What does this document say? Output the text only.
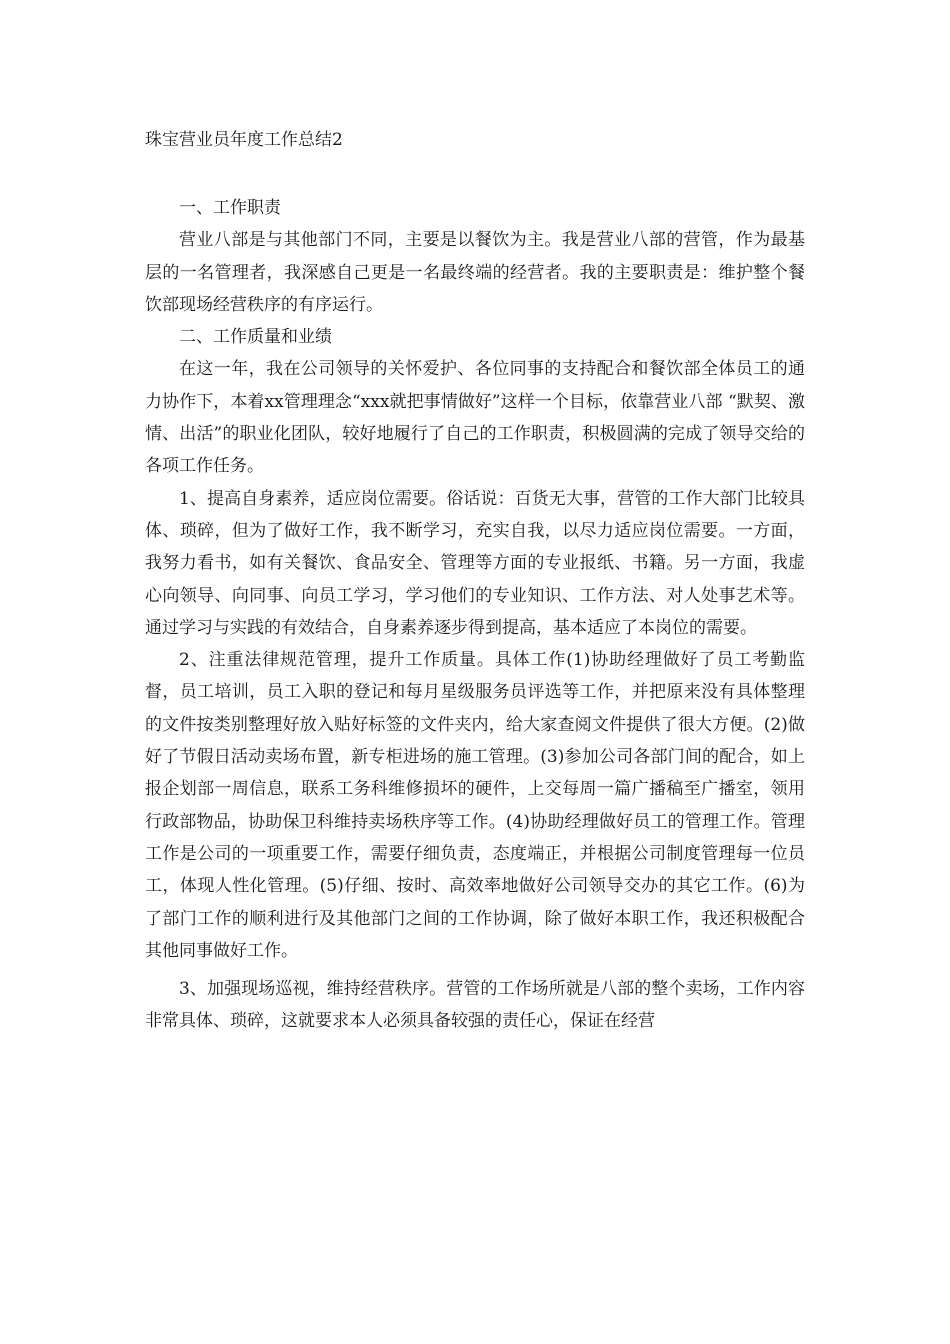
珠宝营业员年度工作总结2

一、工作职责

营业八部是与其他部门不同，主要是以餐饮为主。我是营业八部的营管，作为最基层的一名管理者，我深感自己更是一名最终端的经营者。我的主要职责是：维护整个餐饮部现场经营秩序的有序运行。

二、工作质量和业绩

在这一年，我在公司领导的关怀爱护、各位同事的支持配合和餐饮部全体员工的通力协作下，本着xx管理理念“xxx就把事情做好”这样一个目标，依靠营业八部 “默契、激情、出活”的职业化团队，较好地履行了自己的工作职责，积极圆满的完成了领导交给的各项工作任务。

1、提高自身素养，适应岗位需要。俗话说：百货无大事，营管的工作大部门比较具体、琐碎，但为了做好工作，我不断学习，充实自我，以尽力适应岗位需要。一方面，我努力看书，如有关餐饮、食品安全、管理等方面的专业报纸、书籍。另一方面，我虚心向领导、向同事、向员工学习，学习他们的专业知识、工作方法、对人处事艺术等。通过学习与实践的有效结合，自身素养逐步得到提高，基本适应了本岗位的需要。

2、注重法律规范管理，提升工作质量。具体工作(1)协助经理做好了员工考勤监督，员工培训，员工入职的登记和每月星级服务员评选等工作，并把原来没有具体整理的文件按类别整理好放入贴好标签的文件夹内，给大家查阅文件提供了很大方便。(2)做好了节假日活动卖场布置，新专柜进场的施工管理。(3)参加公司各部门间的配合，如上报企划部一周信息，联系工务科维修损坏的硬件，上交每周一篇广播稿至广播室，领用行政部物品，协助保卫科维持卖场秩序等工作。(4)协助经理做好员工的管理工作。管理工作是公司的一项重要工作，需要仔细负责，态度端正，并根据公司制度管理每一位员工，体现人性化管理。(5)仔细、按时、高效率地做好公司领导交办的其它工作。(6)为了部门工作的顺利进行及其他部门之间的工作协调，除了做好本职工作，我还积极配合其他同事做好工作。

3、加强现场巡视，维持经营秩序。营管的工作场所就是八部的整个卖场，工作内容非常具体、琐碎，这就要求本人必须具备较强的责任心，保证在经营
